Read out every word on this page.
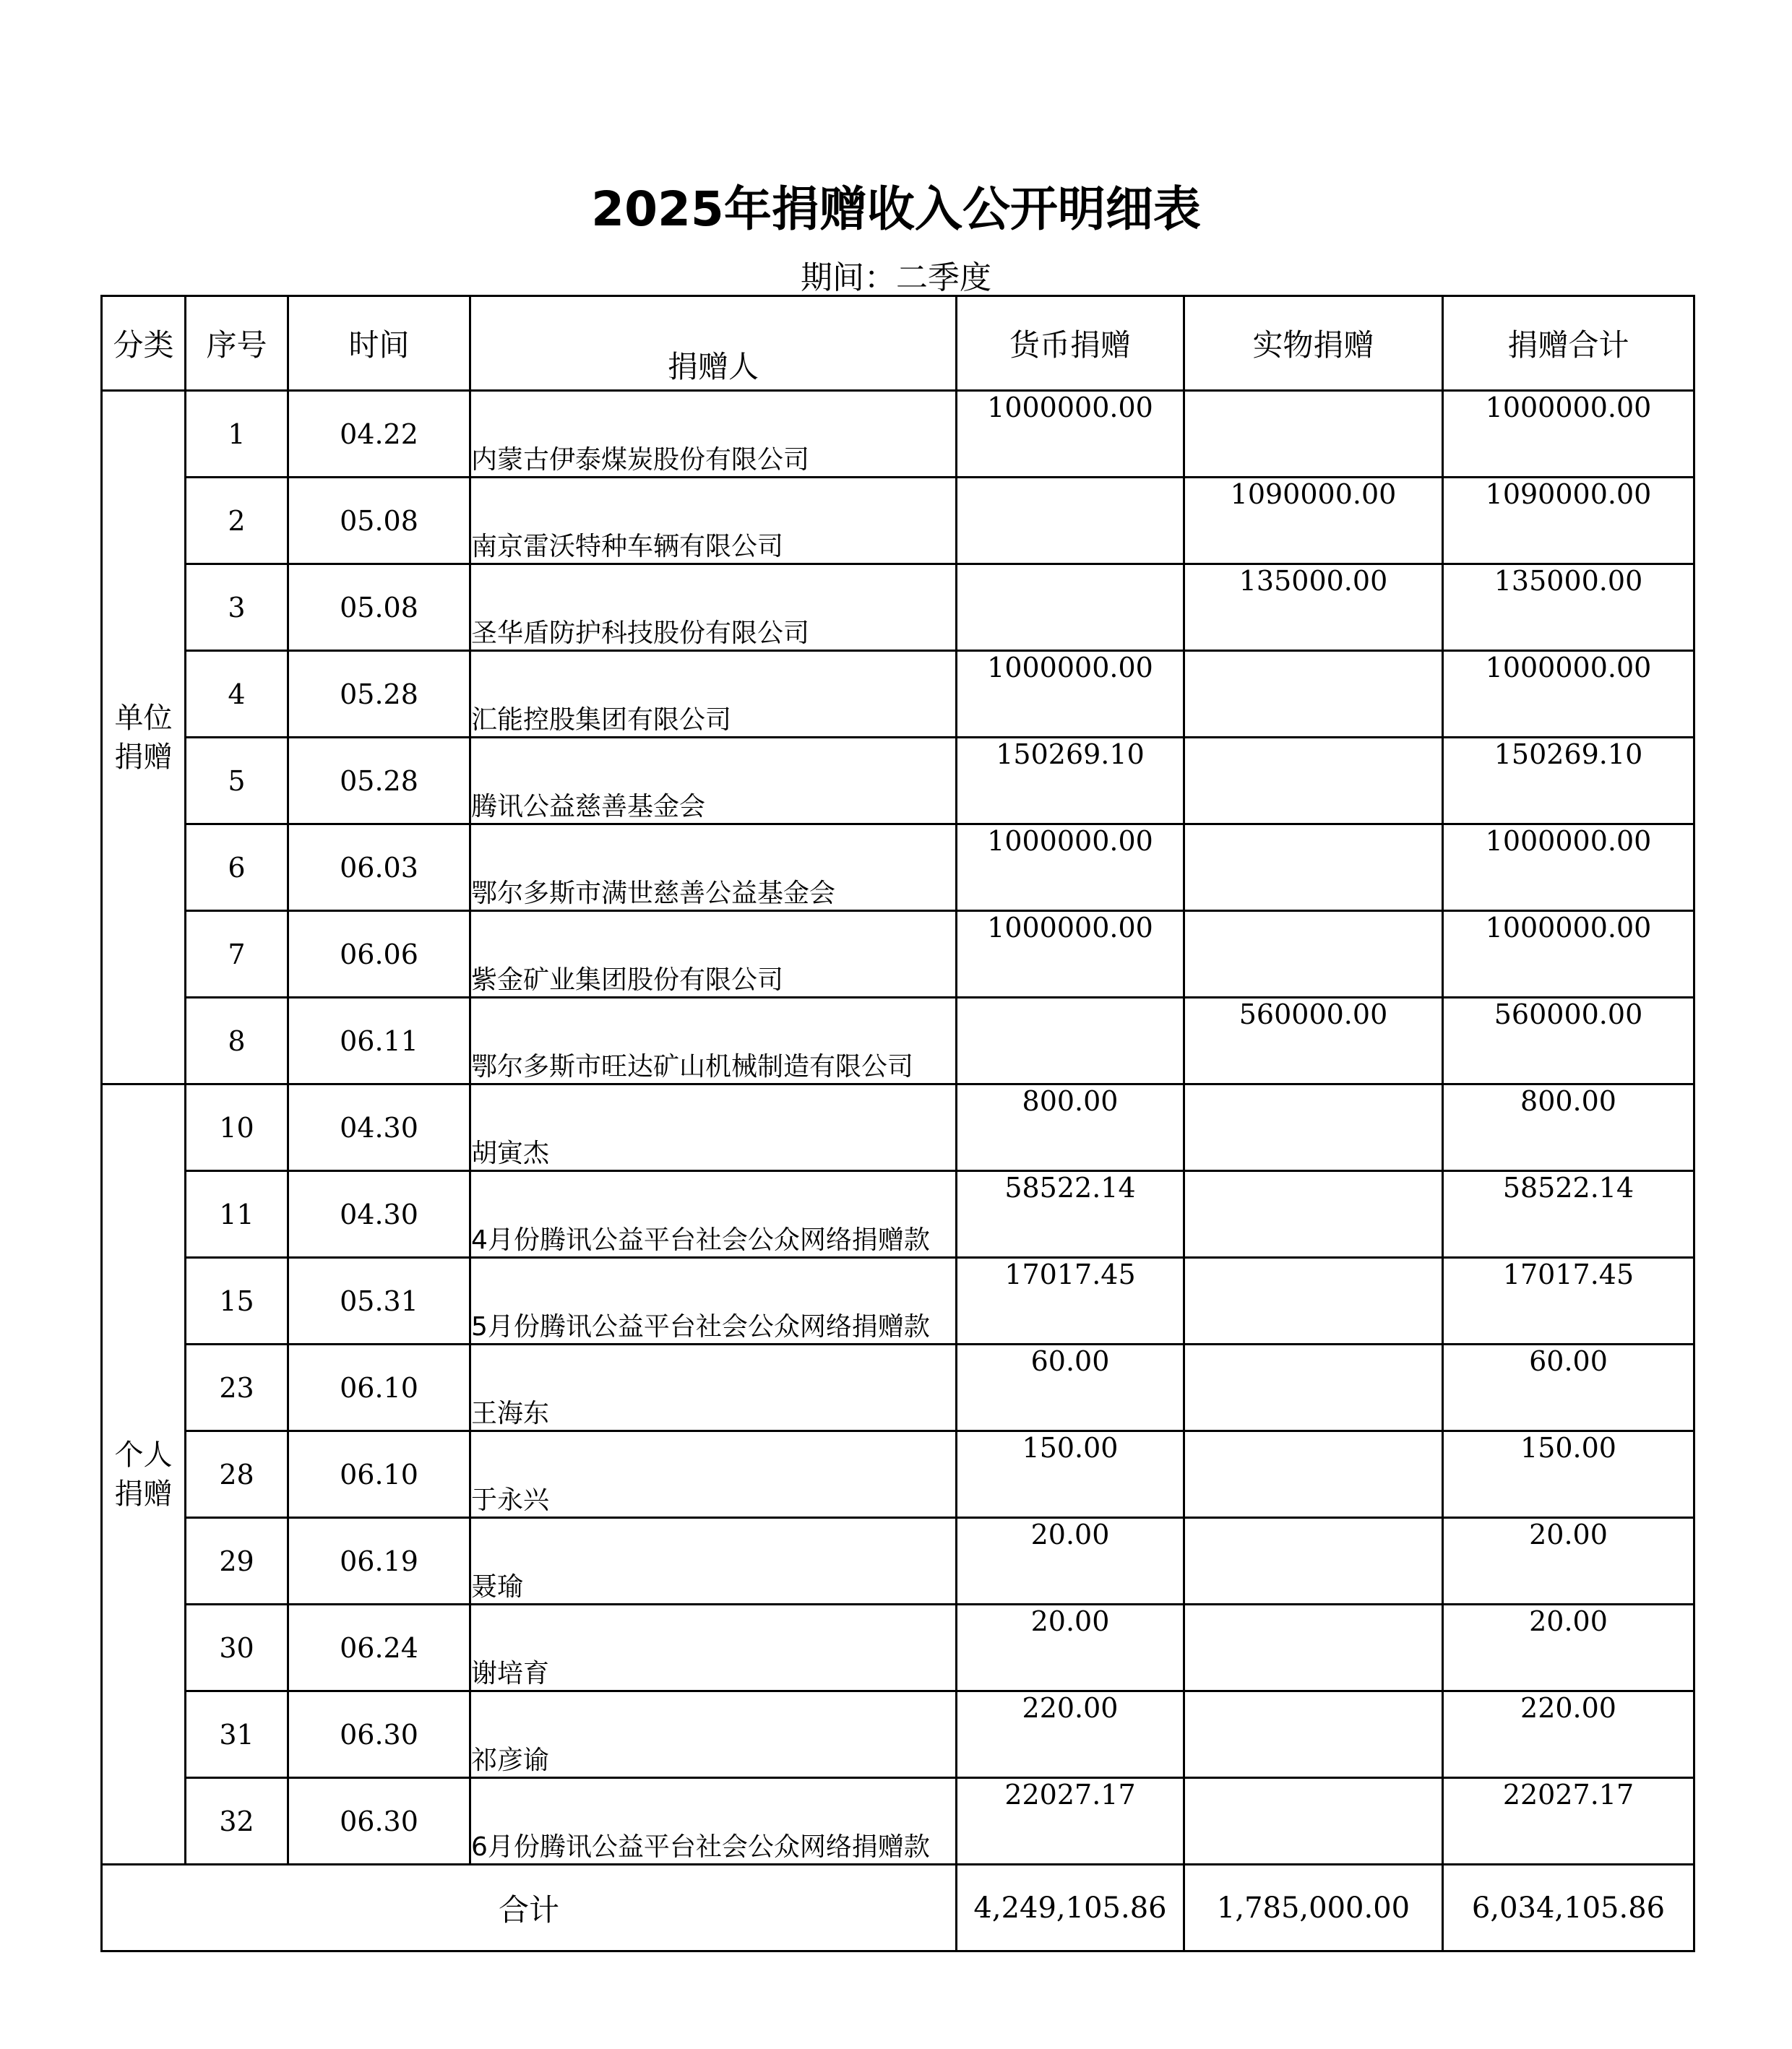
2025年捐赠收入公开明细表
期间：二季度
分类	序号	时间	捐赠人	货币捐赠	实物捐赠	捐赠合计

单位捐赠	1	04.22	内蒙古伊泰煤炭股份有限公司	1000000.00		1000000.00
	2	05.08	南京雷沃特种车辆有限公司		1090000.00	1090000.00
	3	05.08	圣华盾防护科技股份有限公司		135000.00	135000.00
	4	05.28	汇能控股集团有限公司	1000000.00		1000000.00
	5	05.28	腾讯公益慈善基金会	150269.10		150269.10
	6	06.03	鄂尔多斯市满世慈善公益基金会	1000000.00		1000000.00
	7	06.06	紫金矿业集团股份有限公司	1000000.00		1000000.00
	8	06.11	鄂尔多斯市旺达矿山机械制造有限公司		560000.00	560000.00

个人捐赠	10	04.30	胡寅杰	800.00		800.00
	11	04.30	4月份腾讯公益平台社会公众网络捐赠款	58522.14		58522.14
	15	05.31	5月份腾讯公益平台社会公众网络捐赠款	17017.45		17017.45
	23	06.10	王海东	60.00		60.00
	28	06.10	于永兴	150.00		150.00
	29	06.19	聂瑜	20.00		20.00
	30	06.24	谢培育	20.00		20.00
	31	06.30	祁彦谕	220.00		220.00
	32	06.30	6月份腾讯公益平台社会公众网络捐赠款	22027.17		22027.17
合计				4,249,105.86	1,785,000.00	6,034,105.86
